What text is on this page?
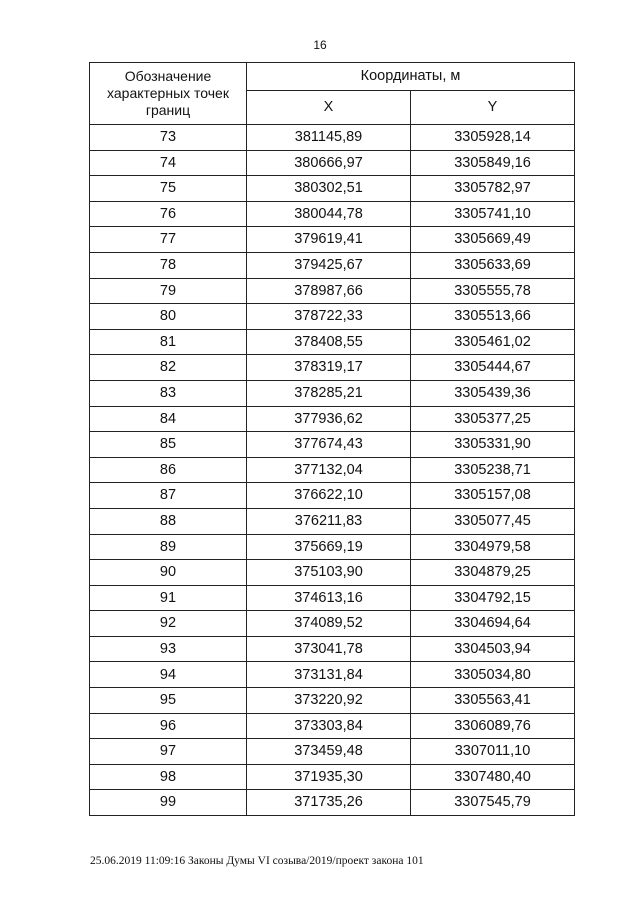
16
Обозначение характерных точек границ	Координаты, м	
	X	Y
73	381145,89	3305928,14
74	380666,97	3305849,16
75	380302,51	3305782,97
76	380044,78	3305741,10
77	379619,41	3305669,49
78	379425,67	3305633,69
79	378987,66	3305555,78
80	378722,33	3305513,66
81	378408,55	3305461,02
82	378319,17	3305444,67
83	378285,21	3305439,36
84	377936,62	3305377,25
85	377674,43	3305331,90
86	377132,04	3305238,71
87	376622,10	3305157,08
88	376211,83	3305077,45
89	375669,19	3304979,58
90	375103,90	3304879,25
91	374613,16	3304792,15
92	374089,52	3304694,64
93	373041,78	3304503,94
94	373131,84	3305034,80
95	373220,92	3305563,41
96	373303,84	3306089,76
97	373459,48	3307011,10
98	371935,30	3307480,40
99	371735,26	3307545,79
25.06.2019 11:09:16 Законы Думы VI созыва/2019/проект закона 101
